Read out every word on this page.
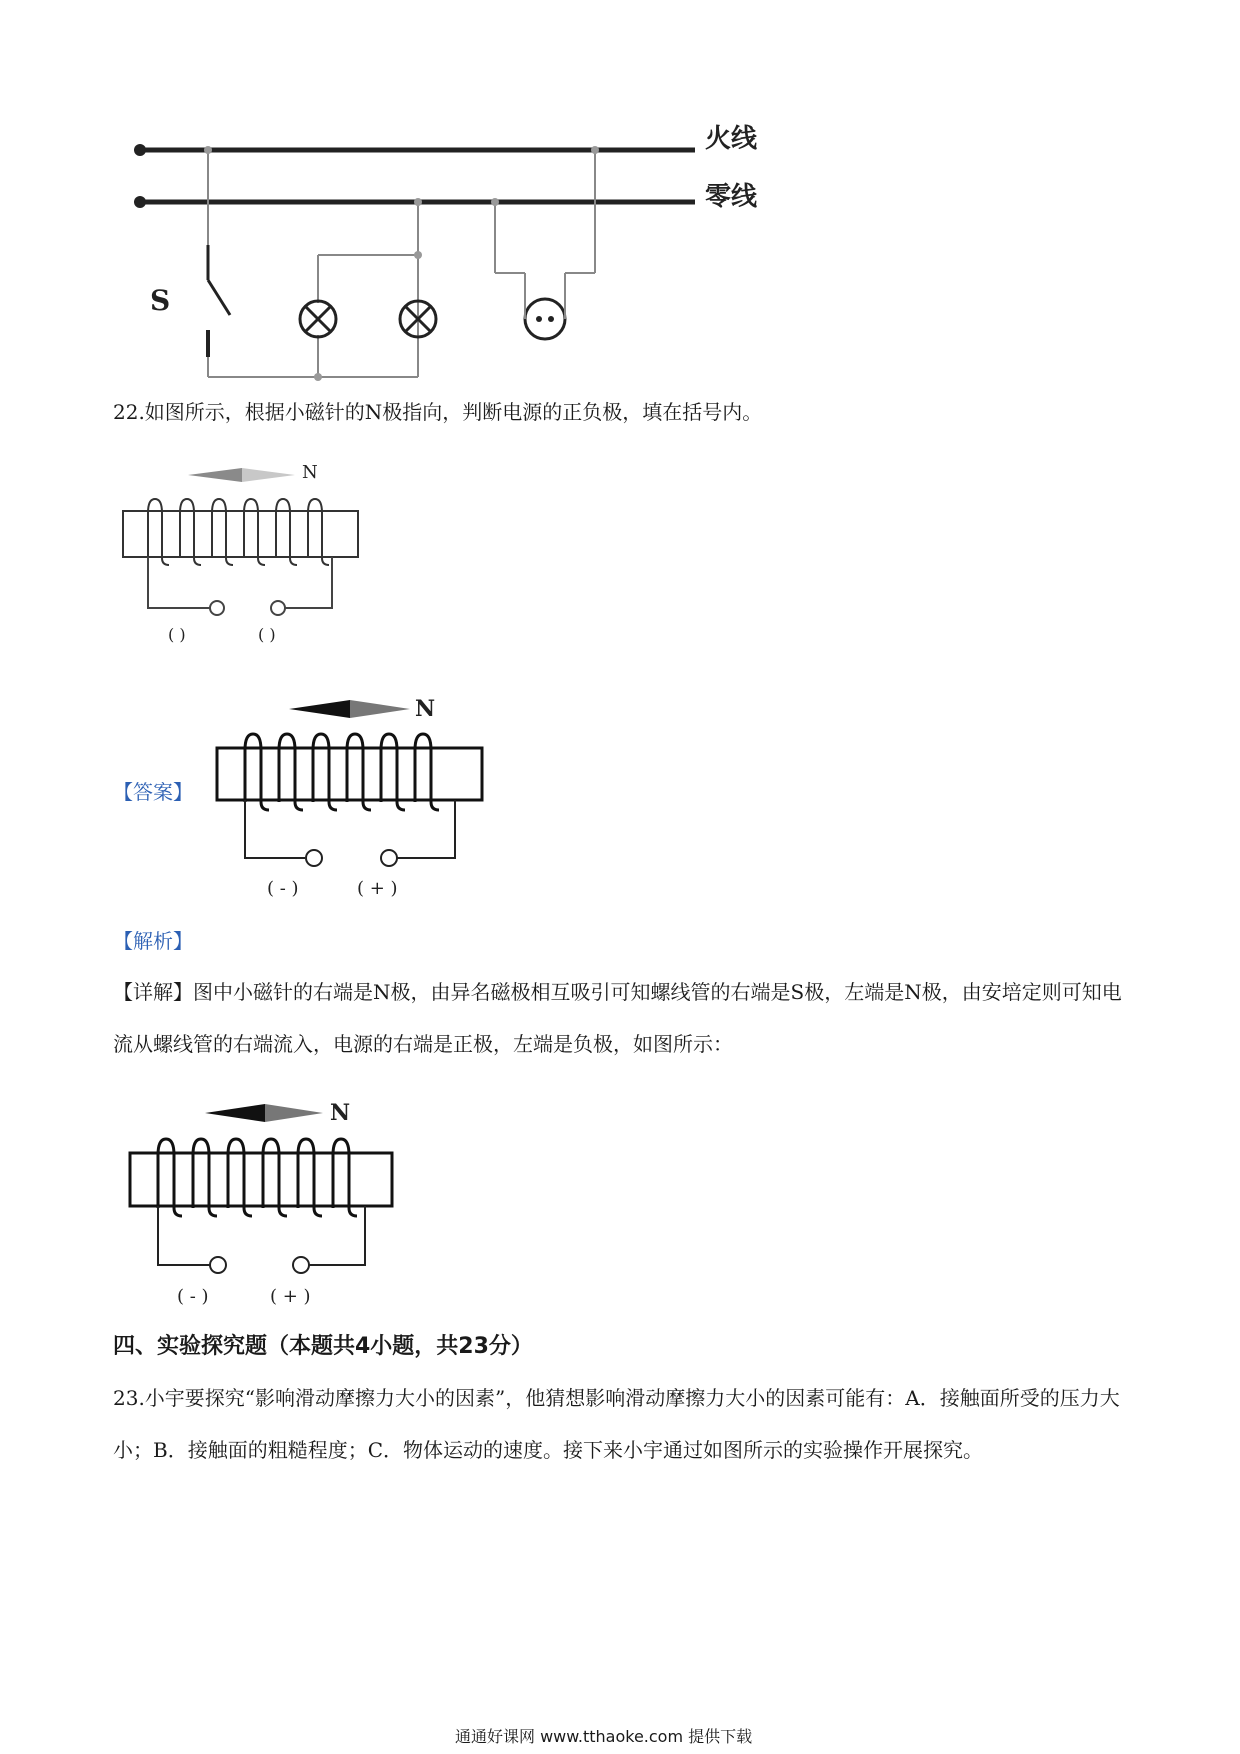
火线
零线
S
22.如图所示，根据小磁针的N极指向，判断电源的正负极，填在括号内。
N
( )	( )
【答案】
N
( - )	( + )
【解析】
【详解】图中小磁针的右端是N极，由异名磁极相互吸引可知螺线管的右端是S极，左端是N极，由安培定则可知电流从螺线管的右端流入，电源的右端是正极，左端是负极，如图所示：
N
( - )	( + )
四、实验探究题（本题共4小题，共23分）
23.小宇要探究“影响滑动摩擦力大小的因素”，他猜想影响滑动摩擦力大小的因素可能有：A．接触面所受的压力大小；B．接触面的粗糙程度；C．物体运动的速度。接下来小宇通过如图所示的实验操作开展探究。
通通好课网 www.tthaoke.com 提供下载
